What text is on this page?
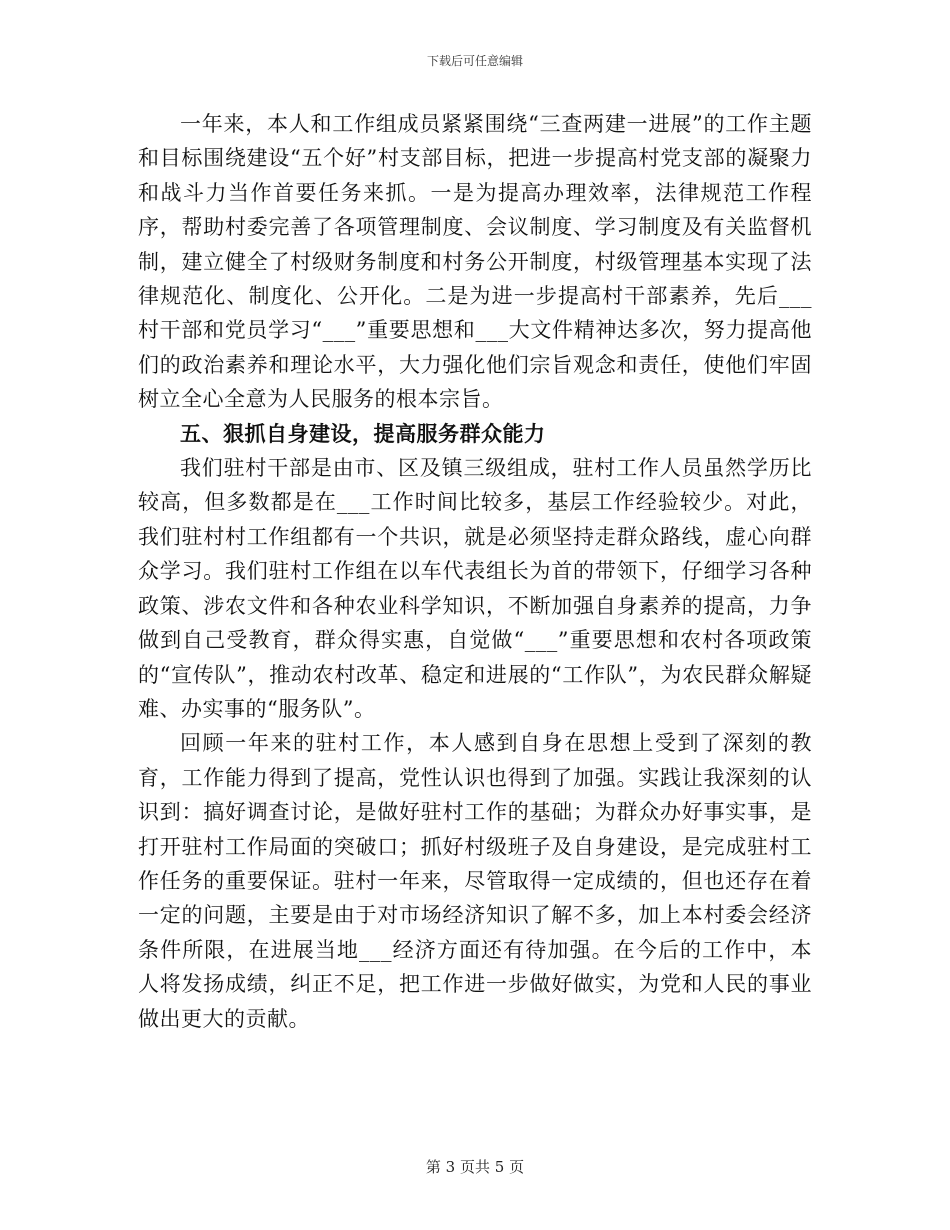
下载后可任意编辑

一年来，本人和工作组成员紧紧围绕“三查两建一进展”的工作主题和目标围绕建设“五个好”村支部目标，把进一步提高村党支部的凝聚力和战斗力当作首要任务来抓。一是为提高办理效率，法律规范工作程序，帮助村委完善了各项管理制度、会议制度、学习制度及有关监督机制，建立健全了村级财务制度和村务公开制度，村级管理基本实现了法律规范化、制度化、公开化。二是为进一步提高村干部素养，先后___村干部和党员学习“___”重要思想和___大文件精神达多次，努力提高他们的政治素养和理论水平，大力强化他们宗旨观念和责任，使他们牢固树立全心全意为人民服务的根本宗旨。

五、狠抓自身建设，提高服务群众能力

我们驻村干部是由市、区及镇三级组成，驻村工作人员虽然学历比较高，但多数都是在___工作时间比较多，基层工作经验较少。对此，我们驻村村工作组都有一个共识，就是必须坚持走群众路线，虚心向群众学习。我们驻村工作组在以车代表组长为首的带领下，仔细学习各种政策、涉农文件和各种农业科学知识，不断加强自身素养的提高，力争做到自己受教育，群众得实惠，自觉做“___”重要思想和农村各项政策的“宣传队”，推动农村改革、稳定和进展的“工作队”，为农民群众解疑难、办实事的“服务队”。

回顾一年来的驻村工作，本人感到自身在思想上受到了深刻的教育，工作能力得到了提高，党性认识也得到了加强。实践让我深刻的认识到：搞好调查讨论，是做好驻村工作的基础；为群众办好事实事，是打开驻村工作局面的突破口；抓好村级班子及自身建设，是完成驻村工作任务的重要保证。驻村一年来，尽管取得一定成绩的，但也还存在着一定的问题，主要是由于对市场经济知识了解不多，加上本村委会经济条件所限，在进展当地___经济方面还有待加强。在今后的工作中，本人将发扬成绩，纠正不足，把工作进一步做好做实，为党和人民的事业做出更大的贡献。

第 3 页共 5 页
